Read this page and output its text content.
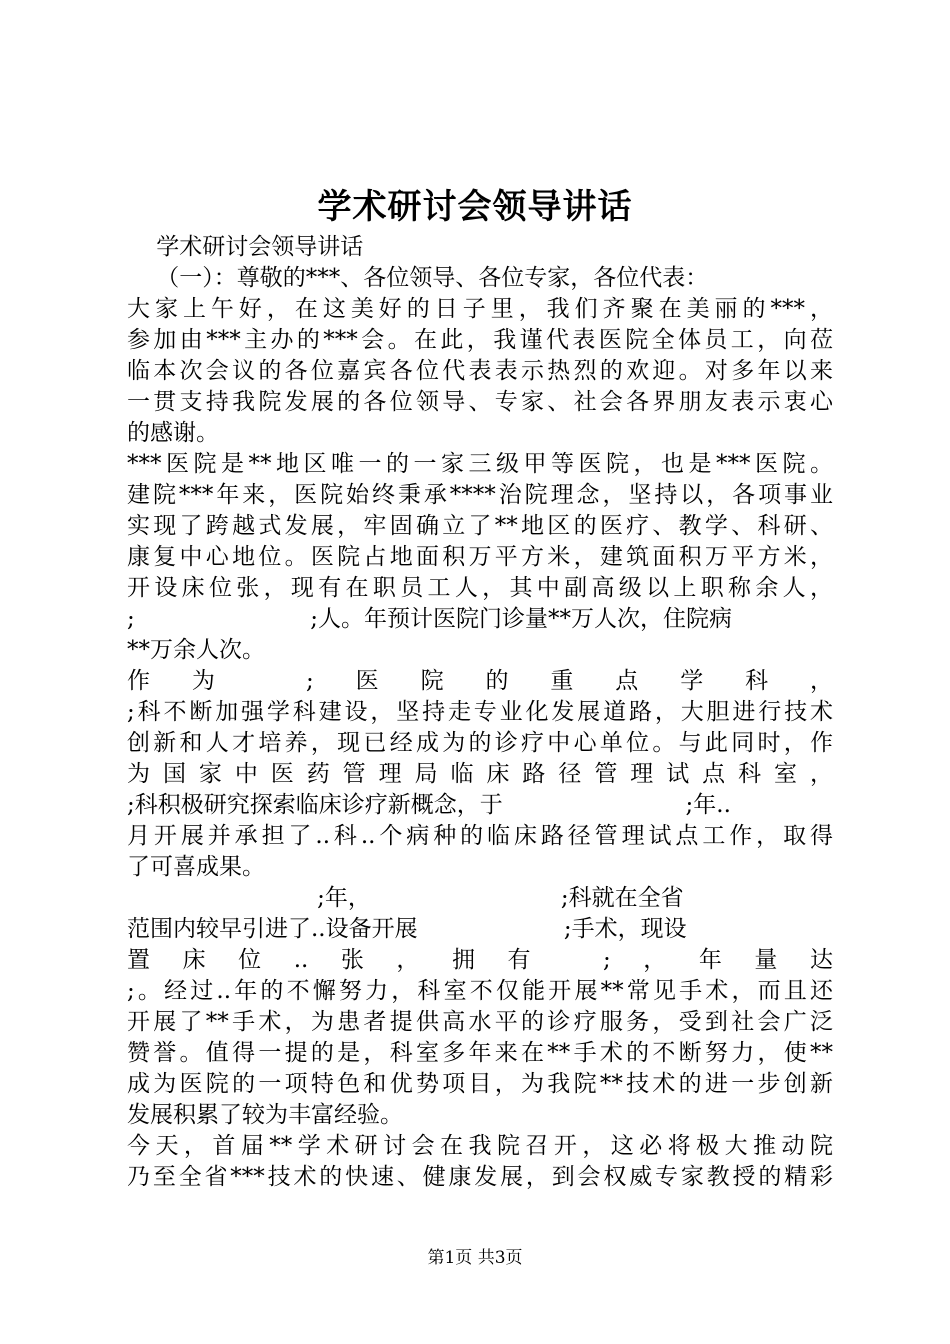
学术研讨会领导讲话
学术研讨会领导讲话
（一）：尊敬的***、各位领导、各位专家，各位代表：
大家上午好，在这美好的日子里，我们齐聚在美丽的***，
参加由***主办的***会。在此，我谨代表医院全体员工，向莅
临本次会议的各位嘉宾各位代表表示热烈的欢迎。对多年以来
一贯支持我院发展的各位领导、专家、社会各界朋友表示衷心
的感谢。
***医院是**地区唯一的一家三级甲等医院，也是***医院。
建院***年来，医院始终秉承****治院理念，坚持以，各项事业
实现了跨越式发展，牢固确立了**地区的医疗、教学、科研、
康复中心地位。医院占地面积万平方米，建筑面积万平方米，
开设床位张，现有在职员工人，其中副高级以上职称余人，
;                        ;人。年预计医院门诊量**万人次，住院病
**万余人次。
作为 ;医院的重点学科，
;科不断加强学科建设，坚持走专业化发展道路，大胆进行技术
创新和人才培养，现已经成为的诊疗中心单位。与此同时，作
为国家中医药管理局临床路径管理试点科室，
;科积极研究探索临床诊疗新概念，于                         ;年..
月开展并承担了..科..个病种的临床路径管理试点工作，取得
了可喜成果。
;年，                          ;科就在全省
范围内较早引进了..设备开展                    ;手术，现设
置床位..张，拥有 ;，年量达
;。经过..年的不懈努力，科室不仅能开展**常见手术，而且还
开展了**手术，为患者提供高水平的诊疗服务，受到社会广泛
赞誉。值得一提的是，科室多年来在**手术的不断努力，使**
成为医院的一项特色和优势项目，为我院**技术的进一步创新
发展积累了较为丰富经验。
今天，首届**学术研讨会在我院召开，这必将极大推动院
乃至全省***技术的快速、健康发展，到会权威专家教授的精彩
第1页 共3页
